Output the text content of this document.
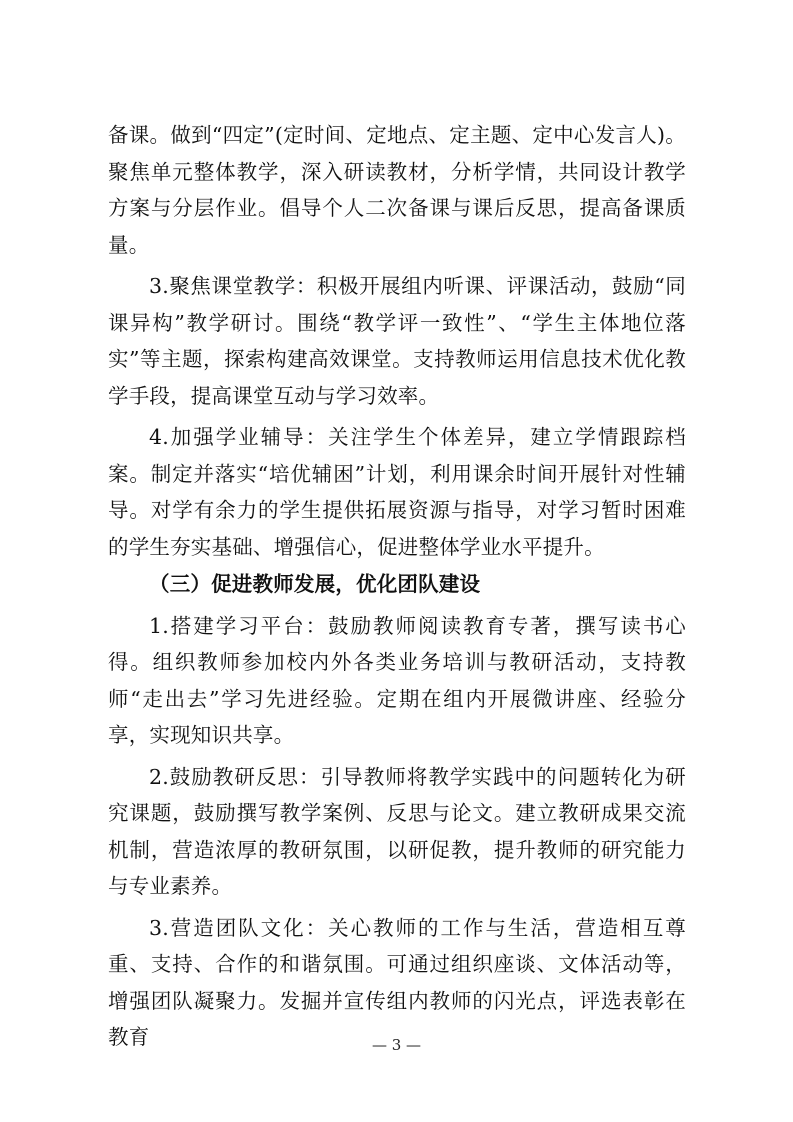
备课。做到“四定”(定时间、定地点、定主题、定中心发言人)。聚焦单元整体教学，深入研读教材，分析学情，共同设计教学方案与分层作业。倡导个人二次备课与课后反思，提高备课质量。

3.聚焦课堂教学：积极开展组内听课、评课活动，鼓励“同课异构”教学研讨。围绕“教学评一致性”、“学生主体地位落实”等主题，探索构建高效课堂。支持教师运用信息技术优化教学手段，提高课堂互动与学习效率。

4.加强学业辅导：关注学生个体差异，建立学情跟踪档案。制定并落实“培优辅困”计划，利用课余时间开展针对性辅导。对学有余力的学生提供拓展资源与指导，对学习暂时困难的学生夯实基础、增强信心，促进整体学业水平提升。

（三）促进教师发展，优化团队建设

1.搭建学习平台：鼓励教师阅读教育专著，撰写读书心得。组织教师参加校内外各类业务培训与教研活动，支持教师“走出去”学习先进经验。定期在组内开展微讲座、经验分享，实现知识共享。

2.鼓励教研反思：引导教师将教学实践中的问题转化为研究课题，鼓励撰写教学案例、反思与论文。建立教研成果交流机制，营造浓厚的教研氛围，以研促教，提升教师的研究能力与专业素养。

3.营造团队文化：关心教师的工作与生活，营造相互尊重、支持、合作的和谐氛围。可通过组织座谈、文体活动等，增强团队凝聚力。发掘并宣传组内教师的闪光点，评选表彰在教育	— 3 —
